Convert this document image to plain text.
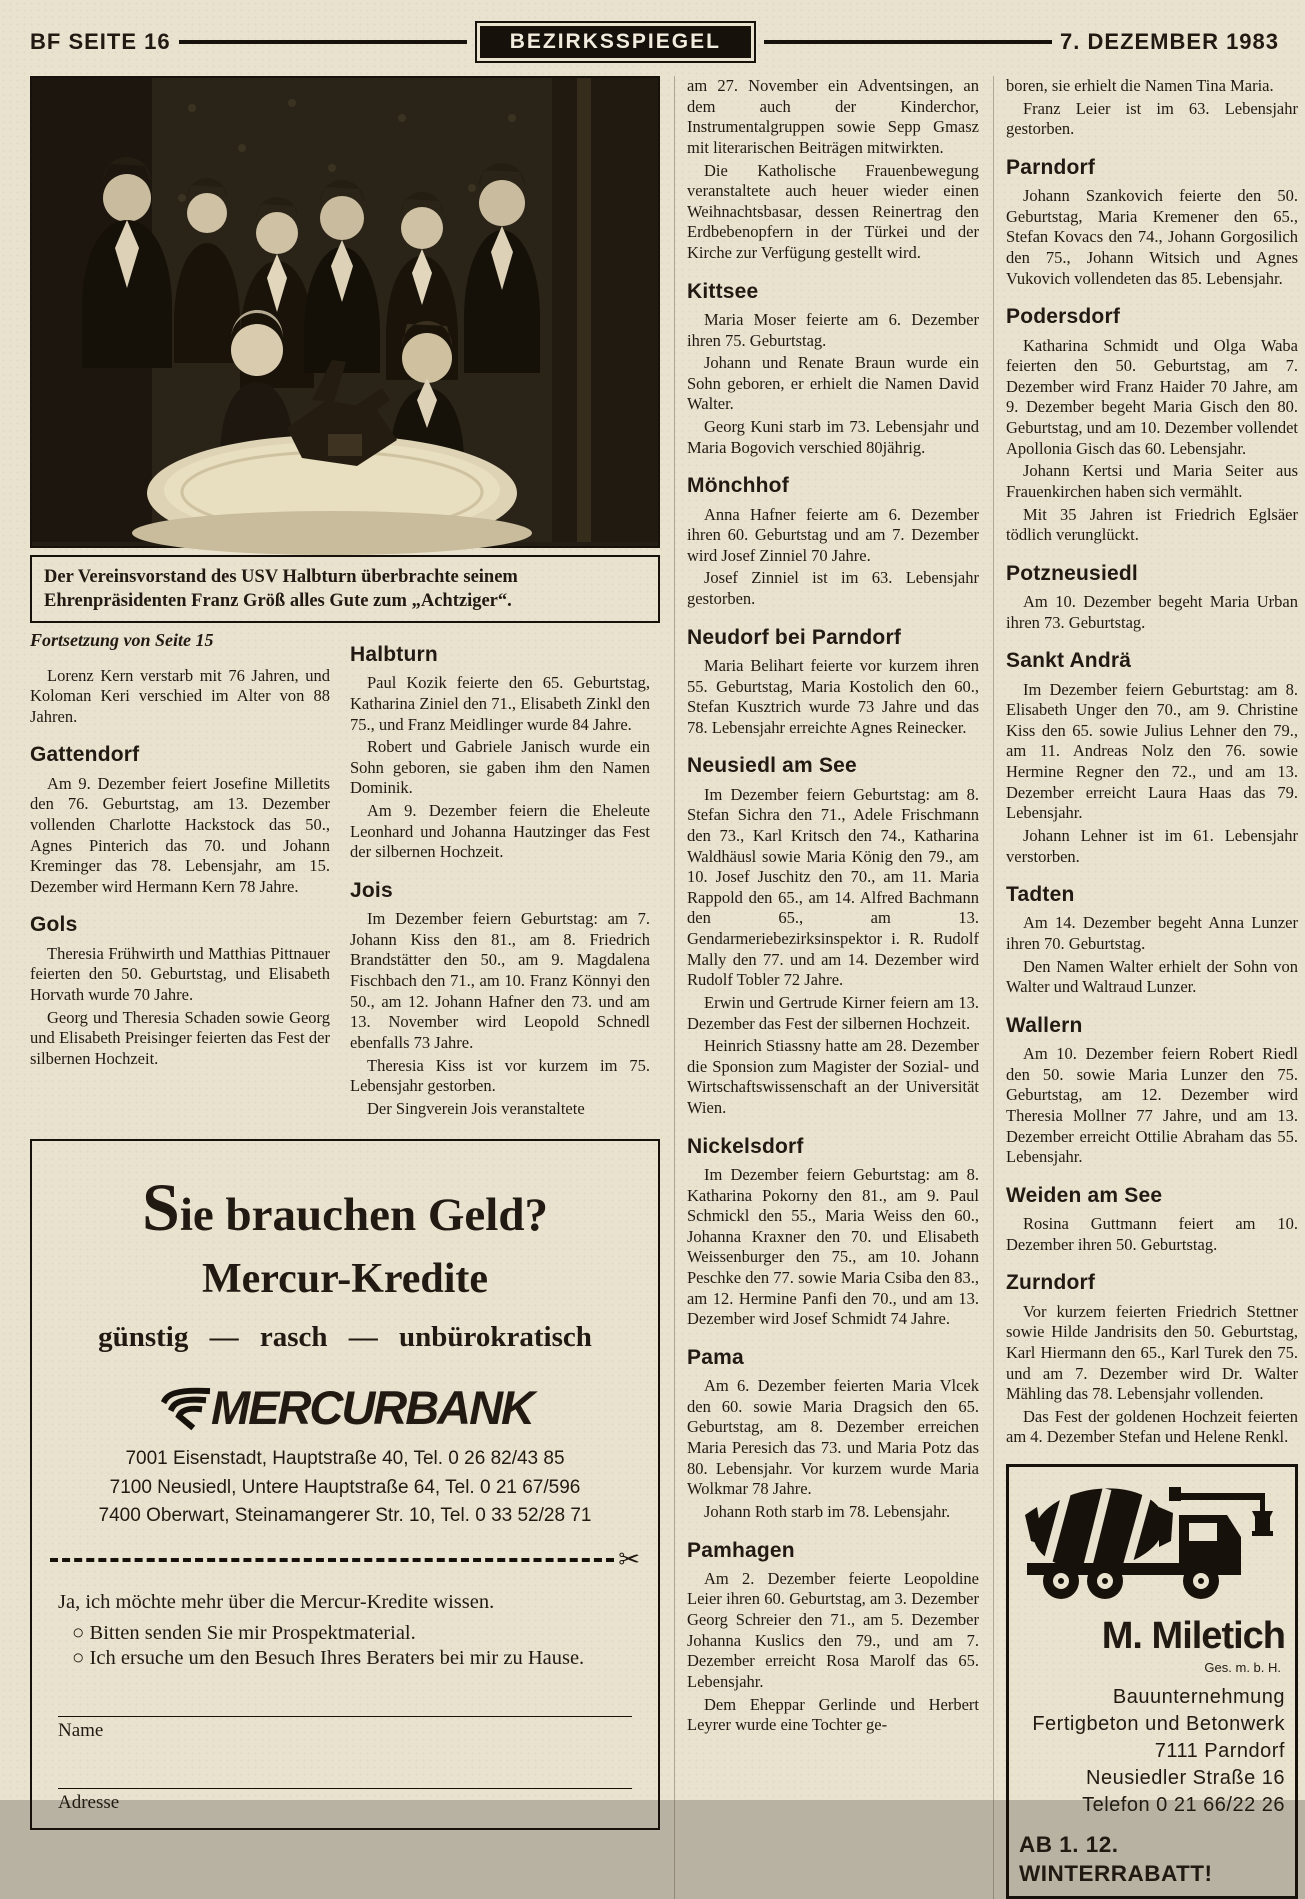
BF SEITE 16	BEZIRKSSPIEGEL	7. DEZEMBER 1983
Der Vereinsvorstand des USV Halbturn überbrachte seinem Ehrenpräsidenten Franz Größ alles Gute zum „Achtziger“.
Fortsetzung von Seite 15
Lorenz Kern verstarb mit 76 Jahren, und Koloman Keri verschied im Alter von 88 Jahren.
Gattendorf
Am 9. Dezember feiert Josefine Milletits den 76. Geburtstag, am 13. Dezember vollenden Charlotte Hackstock das 50., Agnes Pinterich das 70. und Johann Kreminger das 78. Lebensjahr, am 15. Dezember wird Hermann Kern 78 Jahre.
Gols
Theresia Frühwirth und Matthias Pittnauer feierten den 50. Geburtstag, und Elisabeth Horvath wurde 70 Jahre.
Georg und Theresia Schaden sowie Georg und Elisabeth Preisinger feierten das Fest der silbernen Hochzeit.
Halbturn
Paul Kozik feierte den 65. Geburtstag, Katharina Ziniel den 71., Elisabeth Zinkl den 75., und Franz Meidlinger wurde 84 Jahre.
Robert und Gabriele Janisch wurde ein Sohn geboren, sie gaben ihm den Namen Dominik.
Am 9. Dezember feiern die Eheleute Leonhard und Johanna Hautzinger das Fest der silbernen Hochzeit.
Jois
Im Dezember feiern Geburtstag: am 7. Johann Kiss den 81., am 8. Friedrich Brandstätter den 50., am 9. Magdalena Fischbach den 71., am 10. Franz Könnyi den 50., am 12. Johann Hafner den 73. und am 13. November wird Leopold Schnedl ebenfalls 73 Jahre.
Theresia Kiss ist vor kurzem im 75. Lebensjahr gestorben.
Der Singverein Jois veranstaltete
Sie brauchen Geld?
Mercur-Kredite
günstig — rasch — unbürokratisch
MERCURBANK
7001 Eisenstadt, Hauptstraße 40, Tel. 0 26 82/43 85
7100 Neusiedl, Untere Hauptstraße 64, Tel. 0 21 67/596
7400 Oberwart, Steinamangerer Str. 10, Tel. 0 33 52/28 71
✂
Ja, ich möchte mehr über die Mercur-Kredite wissen.
○ Bitten senden Sie mir Prospektmaterial.
○ Ich ersuche um den Besuch Ihres Beraters bei mir zu Hause.
Name
Adresse
am 27. November ein Adventsingen, an dem auch der Kinderchor, Instrumentalgruppen sowie Sepp Gmasz mit literarischen Beiträgen mitwirkten.
Die Katholische Frauenbewegung veranstaltete auch heuer wieder einen Weihnachtsbasar, dessen Reinertrag den Erdbebenopfern in der Türkei und der Kirche zur Verfügung gestellt wird.
Kittsee
Maria Moser feierte am 6. Dezember ihren 75. Geburtstag.
Johann und Renate Braun wurde ein Sohn geboren, er erhielt die Namen David Walter.
Georg Kuni starb im 73. Lebensjahr und Maria Bogovich verschied 80jährig.
Mönchhof
Anna Hafner feierte am 6. Dezember ihren 60. Geburtstag und am 7. Dezember wird Josef Zinniel 70 Jahre.
Josef Zinniel ist im 63. Lebensjahr gestorben.
Neudorf bei Parndorf
Maria Belihart feierte vor kurzem ihren 55. Geburtstag, Maria Kostolich den 60., Stefan Kusztrich wurde 73 Jahre und das 78. Lebensjahr erreichte Agnes Reinecker.
Neusiedl am See
Im Dezember feiern Geburtstag: am 8. Stefan Sichra den 71., Adele Frischmann den 73., Karl Kritsch den 74., Katharina Waldhäusl sowie Maria König den 79., am 10. Josef Juschitz den 70., am 11. Maria Rappold den 65., am 14. Alfred Bachmann den 65., am 13. Gendarmeriebezirksinspektor i. R. Rudolf Mally den 77. und am 14. Dezember wird Rudolf Tobler 72 Jahre.
Erwin und Gertrude Kirner feiern am 13. Dezember das Fest der silbernen Hochzeit.
Heinrich Stiassny hatte am 28. Dezember die Sponsion zum Magister der Sozial- und Wirtschaftswissenschaft an der Universität Wien.
Nickelsdorf
Im Dezember feiern Geburtstag: am 8. Katharina Pokorny den 81., am 9. Paul Schmickl den 55., Maria Weiss den 60., Johanna Kraxner den 70. und Elisabeth Weissenburger den 75., am 10. Johann Peschke den 77. sowie Maria Csiba den 83., am 12. Hermine Panfi den 70., und am 13. Dezember wird Josef Schmidt 74 Jahre.
Pama
Am 6. Dezember feierten Maria Vlcek den 60. sowie Maria Dragsich den 65. Geburtstag, am 8. Dezember erreichen Maria Peresich das 73. und Maria Potz das 80. Lebensjahr. Vor kurzem wurde Maria Wolkmar 78 Jahre.
Johann Roth starb im 78. Lebensjahr.
Pamhagen
Am 2. Dezember feierte Leopoldine Leier ihren 60. Geburtstag, am 3. Dezember Georg Schreier den 71., am 5. Dezember Johanna Kuslics den 79., und am 7. Dezember erreicht Rosa Marolf das 65. Lebensjahr.
Dem Eheppar Gerlinde und Herbert Leyrer wurde eine Tochter ge-
boren, sie erhielt die Namen Tina Maria.
Franz Leier ist im 63. Lebensjahr gestorben.
Parndorf
Johann Szankovich feierte den 50. Geburtstag, Maria Kremener den 65., Stefan Kovacs den 74., Johann Gorgosilich den 75., Johann Witsich und Agnes Vukovich vollendeten das 85. Lebensjahr.
Podersdorf
Katharina Schmidt und Olga Waba feierten den 50. Geburtstag, am 7. Dezember wird Franz Haider 70 Jahre, am 9. Dezember begeht Maria Gisch den 80. Geburtstag, und am 10. Dezember vollendet Apollonia Gisch das 60. Lebensjahr.
Johann Kertsi und Maria Seiter aus Frauenkirchen haben sich vermählt.
Mit 35 Jahren ist Friedrich Eglsäer tödlich verunglückt.
Potzneusiedl
Am 10. Dezember begeht Maria Urban ihren 73. Geburtstag.
Sankt Andrä
Im Dezember feiern Geburtstag: am 8. Elisabeth Unger den 70., am 9. Christine Kiss den 65. sowie Julius Lehner den 79., am 11. Andreas Nolz den 76. sowie Hermine Regner den 72., und am 13. Dezember erreicht Laura Haas das 79. Lebensjahr.
Johann Lehner ist im 61. Lebensjahr verstorben.
Tadten
Am 14. Dezember begeht Anna Lunzer ihren 70. Geburtstag.
Den Namen Walter erhielt der Sohn von Walter und Waltraud Lunzer.
Wallern
Am 10. Dezember feiern Robert Riedl den 50. sowie Maria Lunzer den 75. Geburtstag, am 12. Dezember wird Theresia Mollner 77 Jahre, und am 13. Dezember erreicht Ottilie Abraham das 55. Lebensjahr.
Weiden am See
Rosina Guttmann feiert am 10. Dezember ihren 50. Geburtstag.
Zurndorf
Vor kurzem feierten Friedrich Stettner sowie Hilde Jandrisits den 50. Geburtstag, Karl Hiermann den 65., Karl Turek den 75. und am 7. Dezember wird Dr. Walter Mähling das 78. Lebensjahr vollenden.
Das Fest der goldenen Hochzeit feierten am 4. Dezember Stefan und Helene Renkl.
M. Miletich
Ges. m. b. H.
Bauunternehmung
Fertigbeton und Betonwerk
7111 Parndorf
Neusiedler Straße 16
Telefon 0 21 66/22 26
AB 1. 12. WINTERRABATT!
